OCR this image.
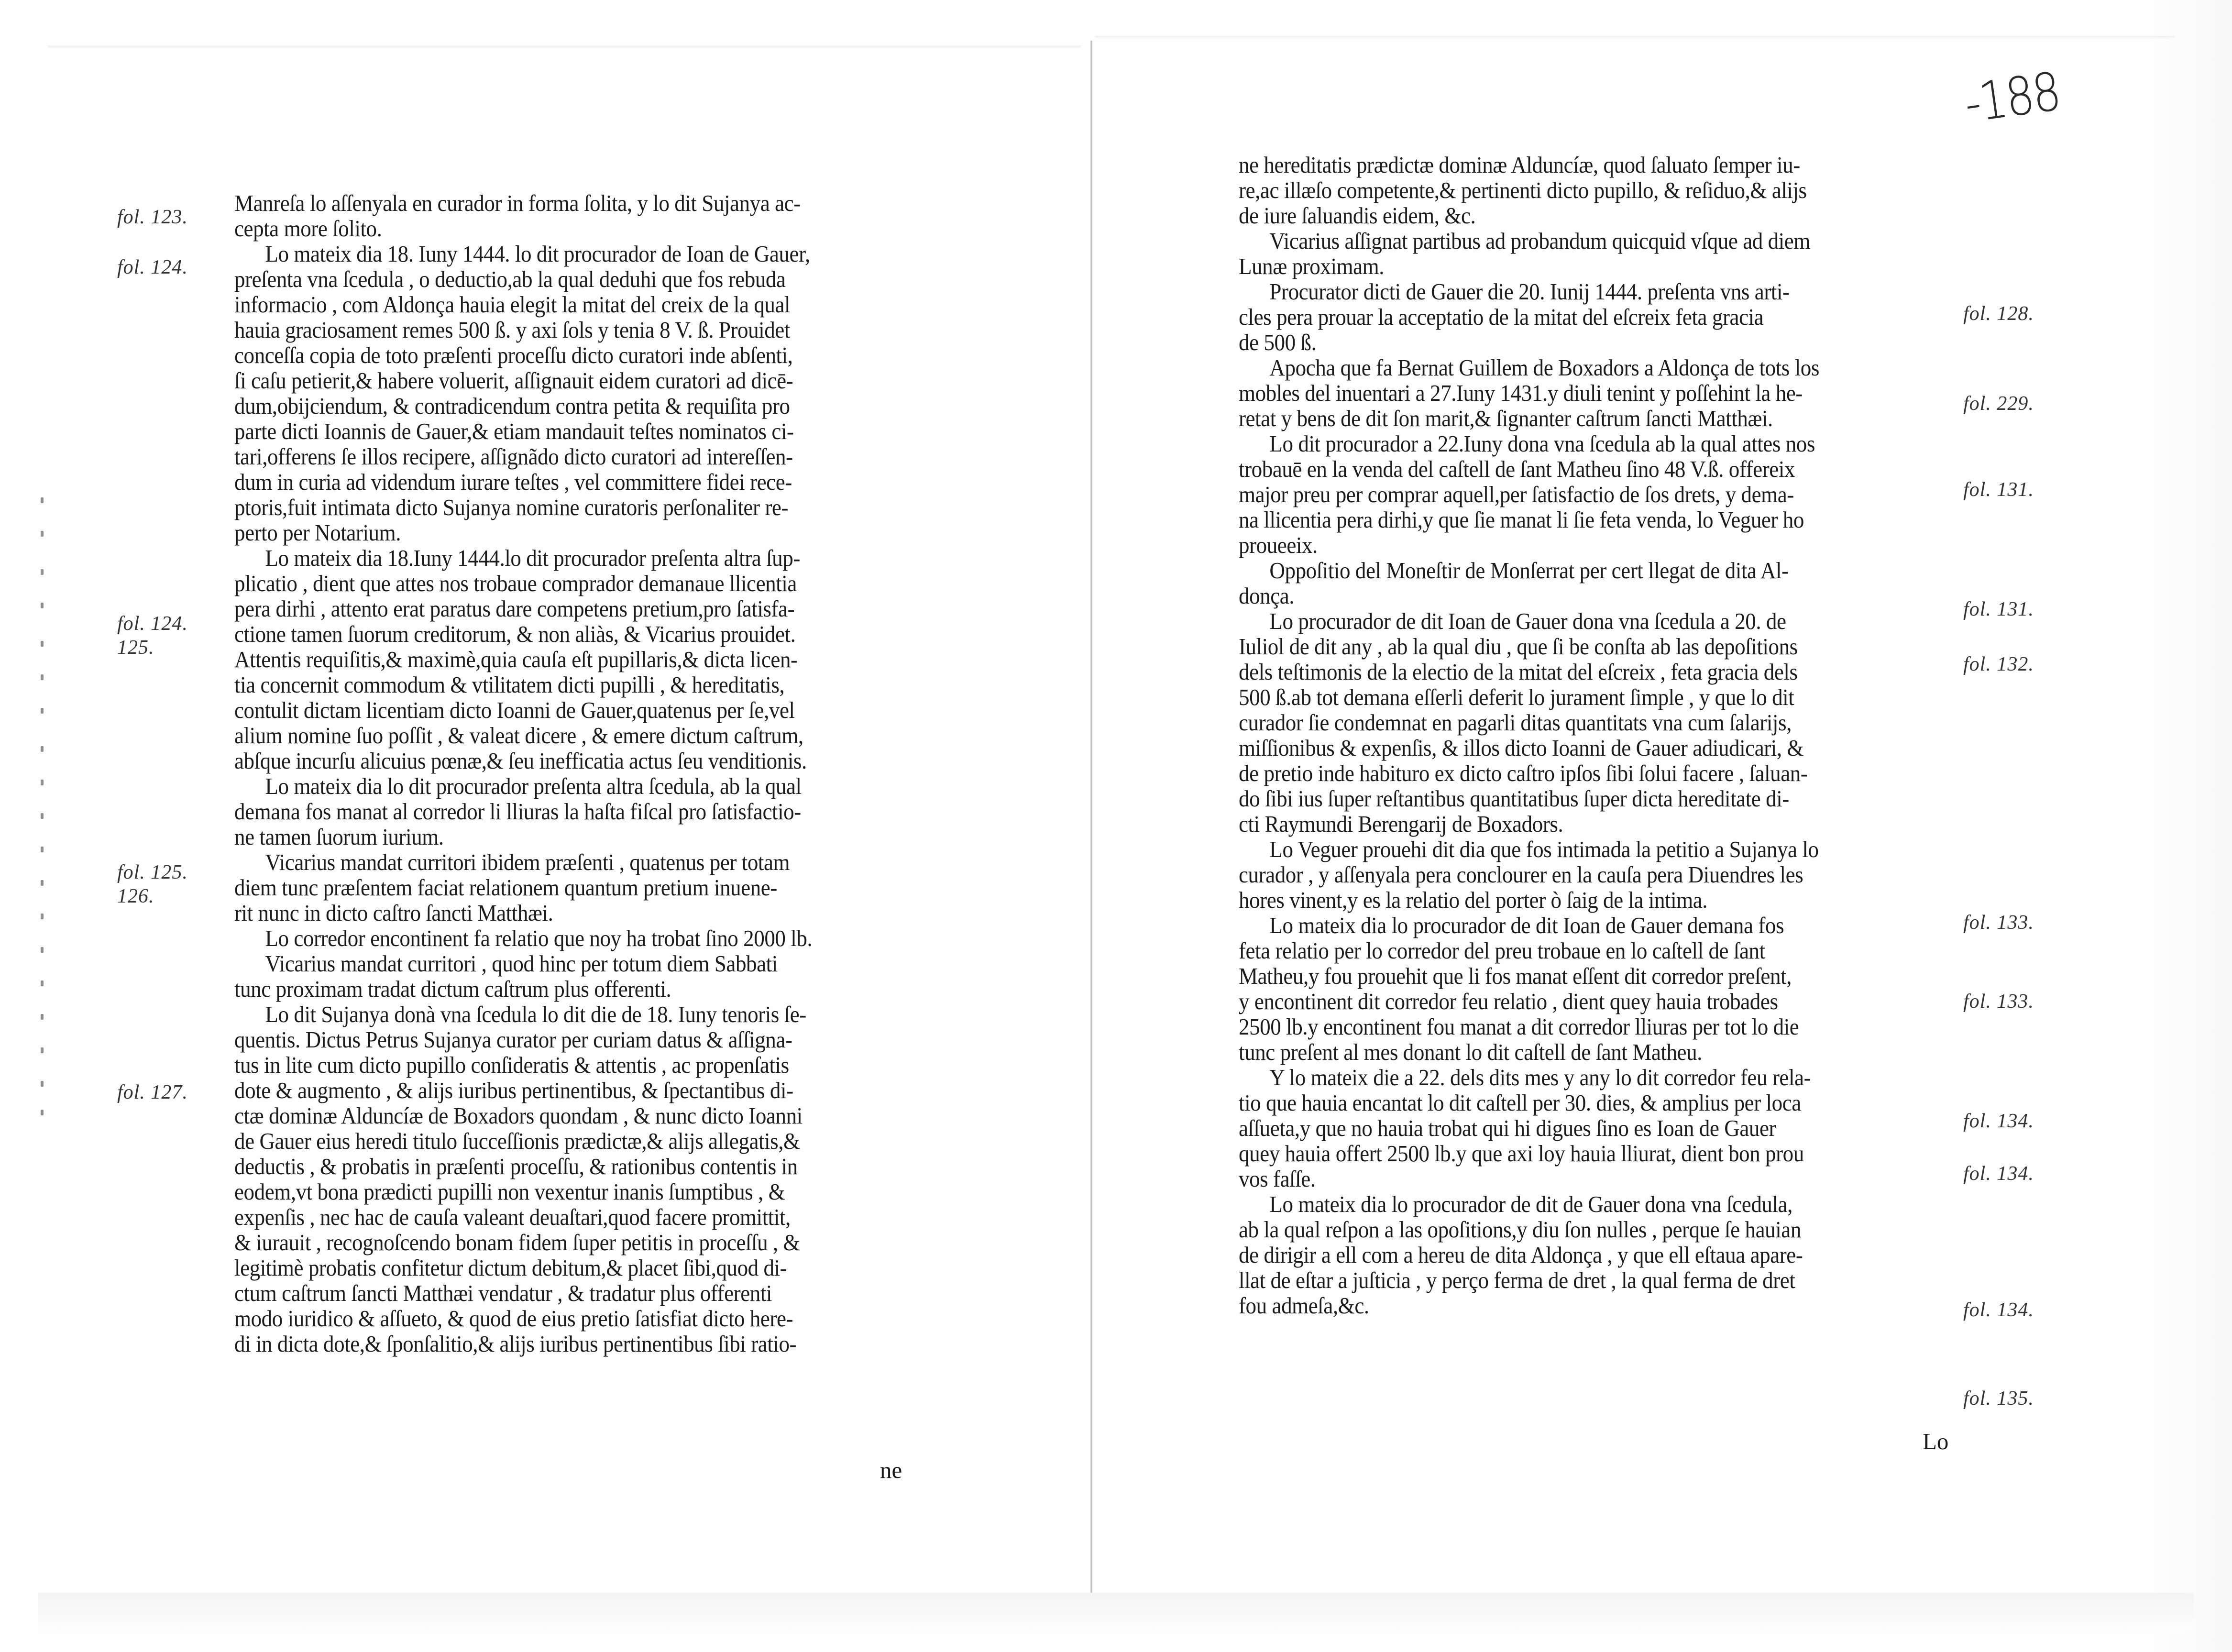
fol. 123.
fol. 124.
fol. 124.
125.
fol. 125.
126.
fol. 127.
Manreſa lo aſſenyala en curador in forma ſolita, y lo dit Sujanya ac-
cepta more ſolito.
Lo mateix dia 18. Iuny 1444. lo dit procurador de Ioan de Gauer,
preſenta vna ſcedula , o deductio,ab la qual deduhi que fos rebuda
informacio , com Aldonça hauia elegit la mitat del creix de la qual
hauia graciosament remes 500 ß. y axi ſols y tenia 8 V. ß. Prouidet
conceſſa copia de toto præſenti proceſſu dicto curatori inde abſenti,
ſi caſu petierit,& habere voluerit, aſſignauit eidem curatori ad dicē-
dum,obijciendum, & contradicendum contra petita & requiſita pro
parte dicti Ioannis de Gauer,& etiam mandauit teſtes nominatos ci-
tari,offerens ſe illos recipere, aſſignãdo dicto curatori ad intereſſen-
dum in curia ad videndum iurare teſtes , vel committere fidei rece-
ptoris,fuit intimata dicto Sujanya nomine curatoris perſonaliter re-
perto per Notarium.
Lo mateix dia 18.Iuny 1444.lo dit procurador preſenta altra ſup-
plicatio , dient que attes nos trobaue comprador demanaue llicentia
pera dirhi , attento erat paratus dare competens pretium,pro ſatisfa-
ctione tamen ſuorum creditorum, & non aliàs, & Vicarius prouidet.
Attentis requiſitis,& maximè,quia cauſa eſt pupillaris,& dicta licen-
tia concernit commodum & vtilitatem dicti pupilli , & hereditatis,
contulit dictam licentiam dicto Ioanni de Gauer,quatenus per ſe,vel
alium nomine ſuo poſſit , & valeat dicere , & emere dictum caſtrum,
abſque incurſu alicuius pœnæ,& ſeu inefficatia actus ſeu venditionis.
Lo mateix dia lo dit procurador preſenta altra ſcedula, ab la qual
demana fos manat al corredor li lliuras la haſta fiſcal pro ſatisfactio-
ne tamen ſuorum iurium.
Vicarius mandat curritori ibidem præſenti , quatenus per totam
diem tunc præſentem faciat relationem quantum pretium inuene-
rit nunc in dicto caſtro ſancti Matthæi.
Lo corredor encontinent fa relatio que noy ha trobat ſino 2000 lb.
Vicarius mandat curritori , quod hinc per totum diem Sabbati
tunc proximam tradat dictum caſtrum plus offerenti.
Lo dit Sujanya donà vna ſcedula lo dit die de 18. Iuny tenoris ſe-
quentis. Dictus Petrus Sujanya curator per curiam datus & aſſigna-
tus in lite cum dicto pupillo conſideratis & attentis , ac propenſatis
dote & augmento , & alijs iuribus pertinentibus, & ſpectantibus di-
ctæ dominæ Alduncíæ de Boxadors quondam , & nunc dicto Ioanni
de Gauer eius heredi titulo ſucceſſionis prædictæ,& alijs allegatis,&
deductis , & probatis in præſenti proceſſu, & rationibus contentis in
eodem,vt bona prædicti pupilli non vexentur inanis ſumptibus , &
expenſis , nec hac de cauſa valeant deuaſtari,quod facere promittit,
& iurauit , recognoſcendo bonam fidem ſuper petitis in proceſſu , &
legitimè probatis confitetur dictum debitum,& placet ſibi,quod di-
ctum caſtrum ſancti Matthæi vendatur , & tradatur plus offerenti
modo iuridico & aſſueto, & quod de eius pretio ſatisfiat dicto here-
di in dicta dote,& ſponſalitio,& alijs iuribus pertinentibus ſibi ratio-
ne
ne hereditatis prædictæ dominæ Alduncíæ, quod ſaluato ſemper iu-
re,ac illæſo competente,& pertinenti dicto pupillo, & reſiduo,& alijs
de iure ſaluandis eidem, &c.
Vicarius aſſignat partibus ad probandum quicquid vſque ad diem
Lunæ proximam.
Procurator dicti de Gauer die 20. Iunij 1444. preſenta vns arti-
cles pera prouar la acceptatio de la mitat del eſcreix feta gracia
de 500 ß.
Apocha que fa Bernat Guillem de Boxadors a Aldonça de tots los
mobles del inuentari a 27.Iuny 1431.y diuli tenint y poſſehint la he-
retat y bens de dit ſon marit,& ſignanter caſtrum ſancti Matthæi.
Lo dit procurador a 22.Iuny dona vna ſcedula ab la qual attes nos
trobauē en la venda del caſtell de ſant Matheu ſino 48 V.ß. offereix
major preu per comprar aquell,per ſatisfactio de ſos drets, y dema-
na llicentia pera dirhi,y que ſie manat li ſie feta venda, lo Veguer ho
proueeix.
Oppoſitio del Moneſtir de Monſerrat per cert llegat de dita Al-
donça.
Lo procurador de dit Ioan de Gauer dona vna ſcedula a 20. de
Iuliol de dit any , ab la qual diu , que ſi be conſta ab las depoſitions
dels teſtimonis de la electio de la mitat del eſcreix , feta gracia dels
500 ß.ab tot demana eſſerli deferit lo jurament ſimple , y que lo dit
curador ſie condemnat en pagarli ditas quantitats vna cum ſalarijs,
miſſionibus & expenſis, & illos dicto Ioanni de Gauer adiudicari, &
de pretio inde habituro ex dicto caſtro ipſos ſibi ſolui facere , ſaluan-
do ſibi ius ſuper reſtantibus quantitatibus ſuper dicta hereditate di-
cti Raymundi Berengarij de Boxadors.
Lo Veguer prouehi dit dia que fos intimada la petitio a Sujanya lo
curador , y aſſenyala pera conclourer en la cauſa pera Diuendres les
hores vinent,y es la relatio del porter ò ſaig de la intima.
Lo mateix dia lo procurador de dit Ioan de Gauer demana fos
feta relatio per lo corredor del preu trobaue en lo caſtell de ſant
Matheu,y fou prouehit que li fos manat eſſent dit corredor preſent,
y encontinent dit corredor feu relatio , dient quey hauia trobades
2500 lb.y encontinent fou manat a dit corredor lliuras per tot lo die
tunc preſent al mes donant lo dit caſtell de ſant Matheu.
Y lo mateix die a 22. dels dits mes y any lo dit corredor feu rela-
tio que hauia encantat lo dit caſtell per 30. dies, & amplius per loca
aſſueta,y que no hauia trobat qui hi digues ſino es Ioan de Gauer
quey hauia offert 2500 lb.y que axi loy hauia lliurat, dient bon prou
vos faſſe.
Lo mateix dia lo procurador de dit de Gauer dona vna ſcedula,
ab la qual reſpon a las opoſitions,y diu ſon nulles , perque ſe hauian
de dirigir a ell com a hereu de dita Aldonça , y que ell eſtaua apare-
llat de eſtar a juſticia , y perço ferma de dret , la qual ferma de dret
fou admeſa,&c.
fol. 128.
fol. 229.
fol. 131.
fol. 131.
fol. 132.
fol. 133.
fol. 133.
fol. 134.
fol. 134.
fol. 134.
fol. 135.
Lo
-188
